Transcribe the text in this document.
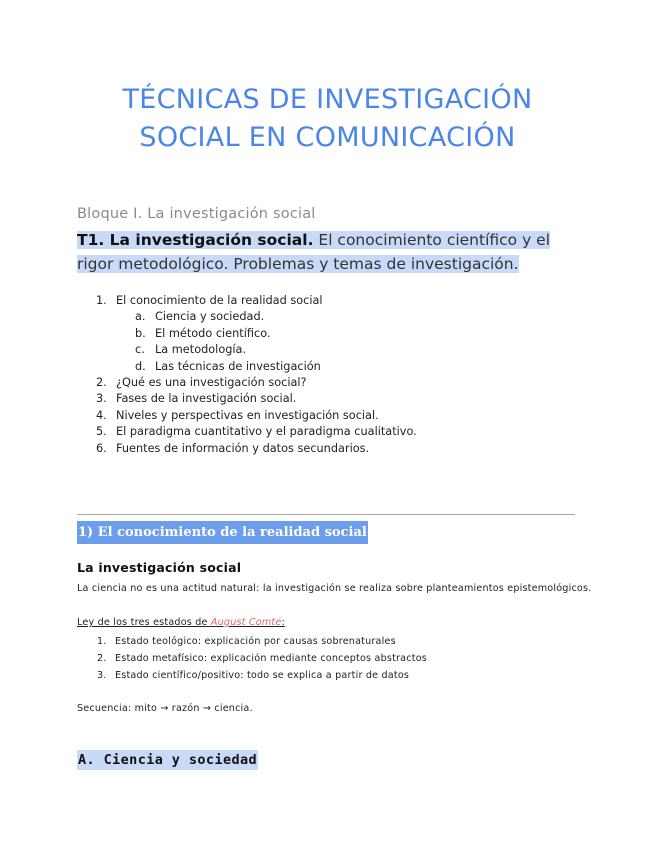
TÉCNICAS DE INVESTIGACIÓN
SOCIAL EN COMUNICACIÓN
Bloque I. La investigación social
T1. La investigación social. El conocimiento científico y el rigor metodológico. Problemas y temas de investigación.
1. El conocimiento de la realidad social
a. Ciencia y sociedad.
b. El método científico.
c. La metodología.
d. Las técnicas de investigación
2. ¿Qué es una investigación social?
3. Fases de la investigación social.
4. Niveles y perspectivas en investigación social.
5. El paradigma cuantitativo y el paradigma cualitativo.
6. Fuentes de información y datos secundarios.
1) El conocimiento de la realidad social
La investigación social
La ciencia no es una actitud natural: la investigación se realiza sobre planteamientos epistemológicos.
Ley de los tres estados de August Comte:
1. Estado teológico: explicación por causas sobrenaturales
2. Estado metafísico: explicación mediante conceptos abstractos
3. Estado científico/positivo: todo se explica a partir de datos
Secuencia: mito → razón → ciencia.
A. Ciencia y sociedad
